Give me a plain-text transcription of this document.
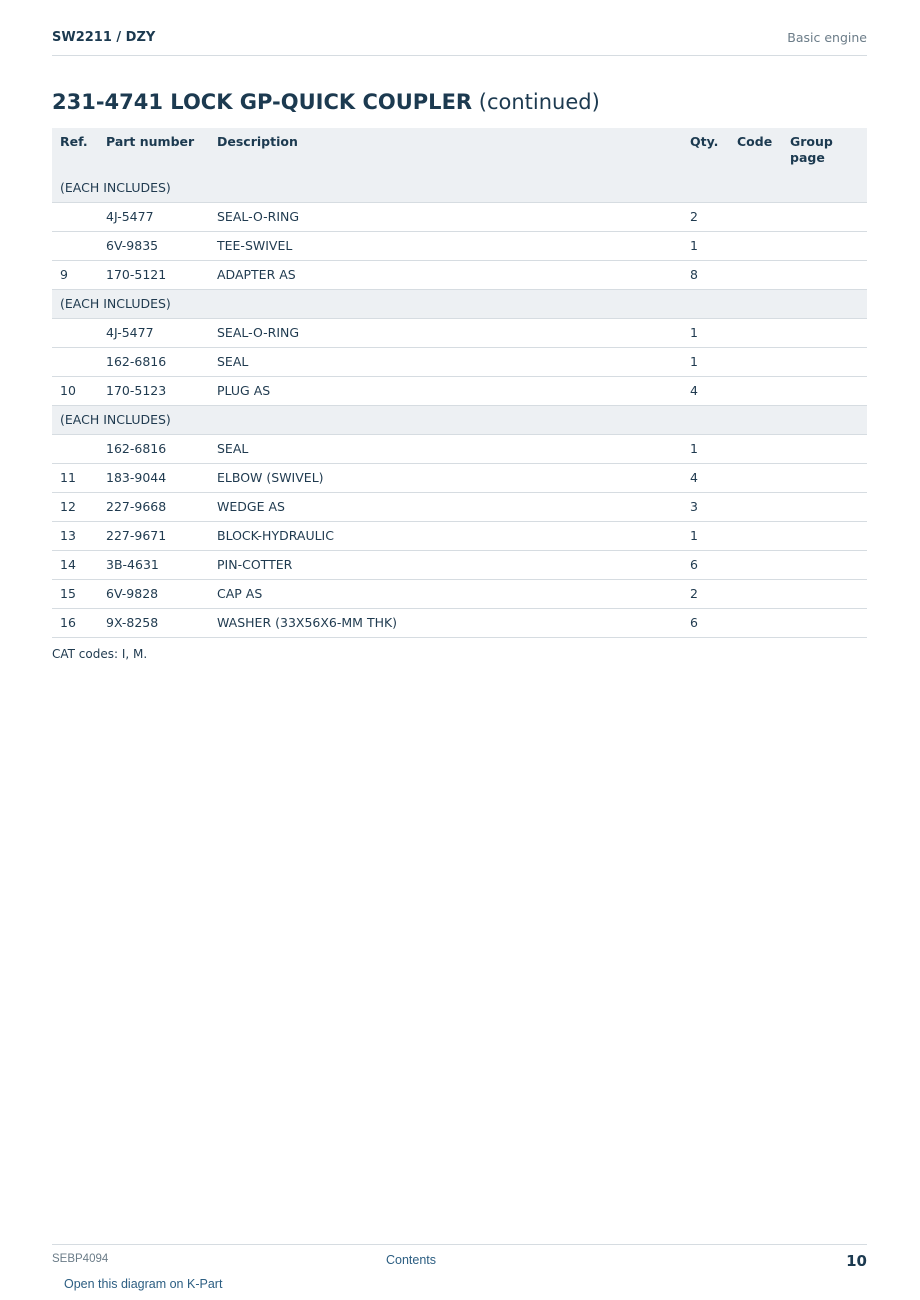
SW2211 / DZY	Basic engine
231-4741 LOCK GP-QUICK COUPLER (continued)
Ref.	Part number	Description	Qty.	Code	Group page
(EACH INCLUDES)					
	4J-5477	SEAL-O-RING	2		
	6V-9835	TEE-SWIVEL	1		
9	170-5121	ADAPTER AS	8		
(EACH INCLUDES)					
	4J-5477	SEAL-O-RING	1		
	162-6816	SEAL	1		
10	170-5123	PLUG AS	4		
(EACH INCLUDES)					
	162-6816	SEAL	1		
11	183-9044	ELBOW (SWIVEL)	4		
12	227-9668	WEDGE AS	3		
13	227-9671	BLOCK-HYDRAULIC	1		
14	3B-4631	PIN-COTTER	6		
15	6V-9828	CAP AS	2		
16	9X-8258	WASHER (33X56X6-MM THK)	6		
CAT codes: I, M.
SEBP4094	Contents	10
Open this diagram on K-Part
